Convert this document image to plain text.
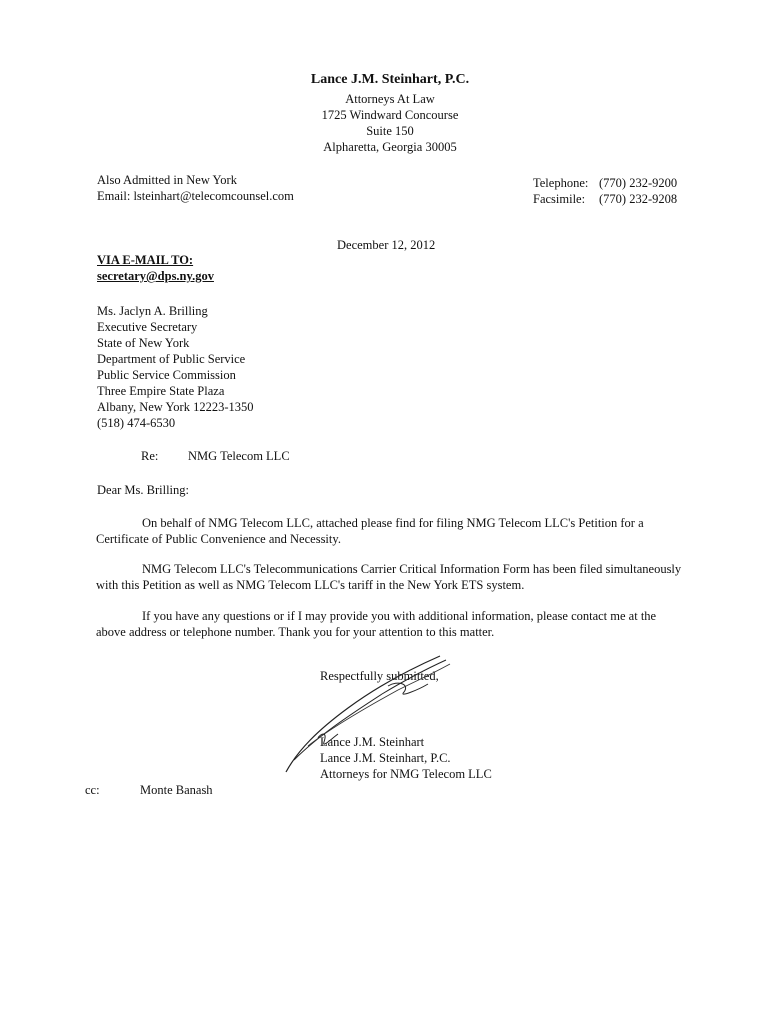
Lance J.M. Steinhart, P.C.
Attorneys At Law
1725 Windward Concourse
Suite 150
Alpharetta, Georgia 30005
Also Admitted in New York
Email: lsteinhart@telecomcounsel.com
Telephone: (770) 232-9200
Facsimile: (770) 232-9208
December 12, 2012
VIA E-MAIL TO:
secretary@dps.ny.gov
Ms. Jaclyn A. Brilling
Executive Secretary
State of New York
Department of Public Service
Public Service Commission
Three Empire State Plaza
Albany, New York 12223-1350
(518) 474-6530
Re: NMG Telecom LLC
Dear Ms. Brilling:
On behalf of NMG Telecom LLC, attached please find for filing NMG Telecom LLC's Petition for a Certificate of Public Convenience and Necessity.
NMG Telecom LLC's Telecommunications Carrier Critical Information Form has been filed simultaneously with this Petition as well as NMG Telecom LLC's tariff in the New York ETS system.
If you have any questions or if I may provide you with additional information, please contact me at the above address or telephone number. Thank you for your attention to this matter.
Respectfully submitted,
Lance J.M. Steinhart
Lance J.M. Steinhart, P.C.
Attorneys for NMG Telecom LLC
cc:	Monte Banash
